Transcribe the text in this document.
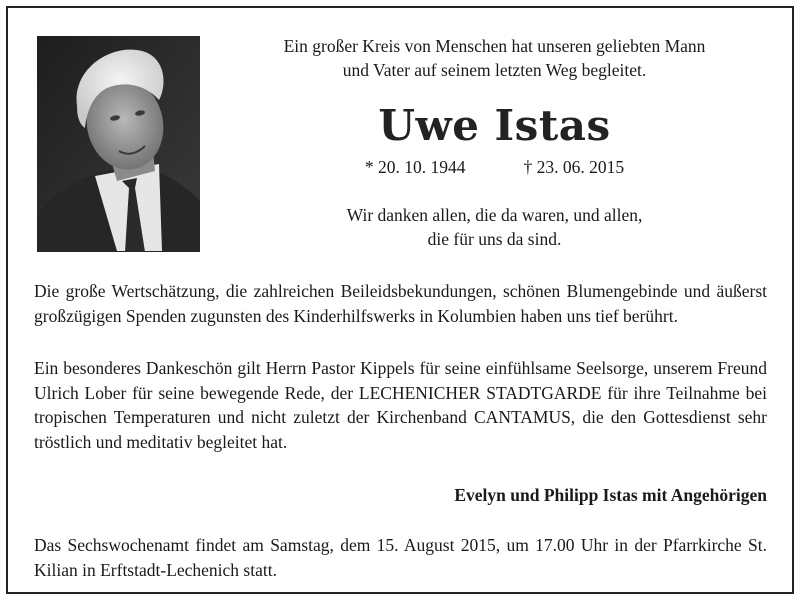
Ein großer Kreis von Menschen hat unseren geliebten Mann
und Vater auf seinem letzten Weg begleitet.
Uwe Istas
* 20. 10. 1944	† 23. 06. 2015
Wir danken allen, die da waren, und allen,
die für uns da sind.
Die große Wertschätzung, die zahlreichen Beileidsbekundungen, schönen Blumengebinde und äußerst großzügigen Spenden zugunsten des Kinderhilfswerks in Kolumbien haben uns tief berührt.
Ein besonderes Dankeschön gilt Herrn Pastor Kippels für seine einfühlsame Seelsorge, unserem Freund Ulrich Lober für seine bewegende Rede, der LECHENICHER STADTGARDE für ihre Teilnahme bei tropischen Temperaturen und nicht zuletzt der Kirchenband CANTAMUS, die den Gottesdienst sehr tröstlich und meditativ begleitet hat.
Evelyn und Philipp Istas mit Angehörigen
Das Sechswochenamt findet am Samstag, dem 15. August 2015, um 17.00 Uhr in der Pfarrkirche St. Kilian in Erftstadt-Lechenich statt.
